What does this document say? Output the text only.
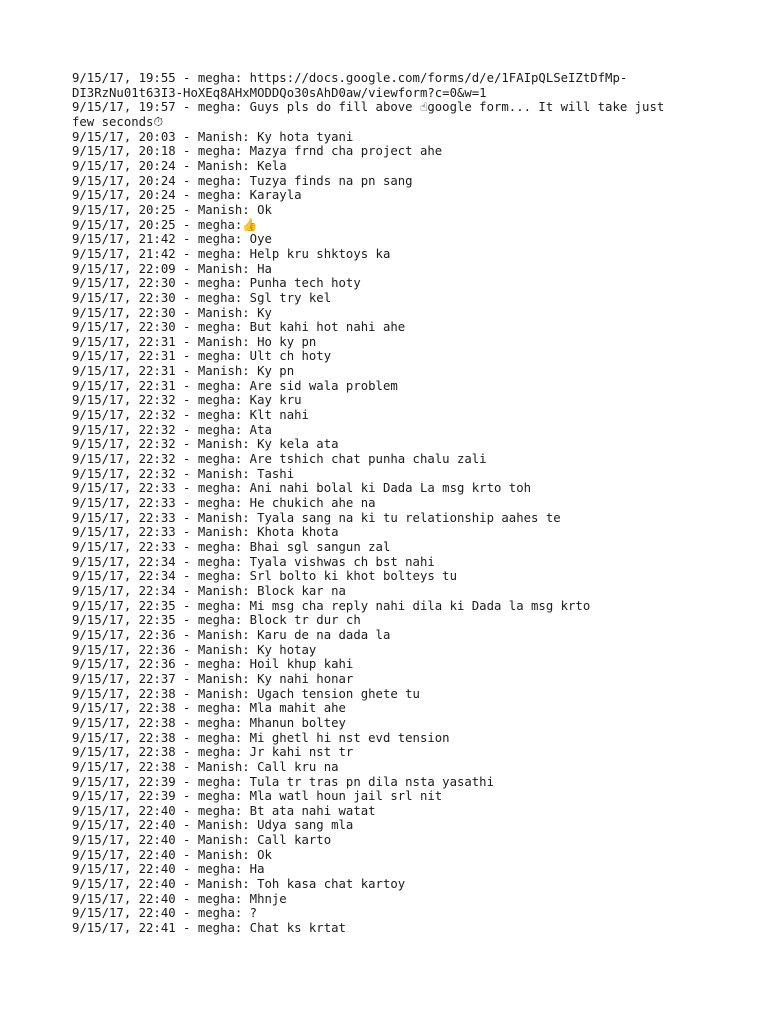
9/15/17, 19:55 - megha: https://docs.google.com/forms/d/e/1FAIpQLSeIZtDfMp-
DI3RzNu01t63I3-HoXEq8AHxMODDQo30sAhD0aw/viewform?c=0&w=1
9/15/17, 19:57 - megha: Guys pls do fill above ☝google form... It will take just
few seconds⏱
9/15/17, 20:03 - Manish: Ky hota tyani
9/15/17, 20:18 - megha: Mazya frnd cha project ahe
9/15/17, 20:24 - Manish: Kela
9/15/17, 20:24 - megha: Tuzya finds na pn sang
9/15/17, 20:24 - megha: Karayla
9/15/17, 20:25 - Manish: Ok
9/15/17, 20:25 - megha:👍
9/15/17, 21:42 - megha: Oye
9/15/17, 21:42 - megha: Help kru shktoys ka
9/15/17, 22:09 - Manish: Ha
9/15/17, 22:30 - megha: Punha tech hoty
9/15/17, 22:30 - megha: Sgl try kel
9/15/17, 22:30 - Manish: Ky
9/15/17, 22:30 - megha: But kahi hot nahi ahe
9/15/17, 22:31 - Manish: Ho ky pn
9/15/17, 22:31 - megha: Ult ch hoty
9/15/17, 22:31 - Manish: Ky pn
9/15/17, 22:31 - megha: Are sid wala problem
9/15/17, 22:32 - megha: Kay kru
9/15/17, 22:32 - megha: Klt nahi
9/15/17, 22:32 - megha: Ata
9/15/17, 22:32 - Manish: Ky kela ata
9/15/17, 22:32 - megha: Are tshich chat punha chalu zali
9/15/17, 22:32 - Manish: Tashi
9/15/17, 22:33 - megha: Ani nahi bolal ki Dada La msg krto toh
9/15/17, 22:33 - megha: He chukich ahe na
9/15/17, 22:33 - Manish: Tyala sang na ki tu relationship aahes te
9/15/17, 22:33 - Manish: Khota khota
9/15/17, 22:33 - megha: Bhai sgl sangun zal
9/15/17, 22:34 - megha: Tyala vishwas ch bst nahi
9/15/17, 22:34 - megha: Srl bolto ki khot bolteys tu
9/15/17, 22:34 - Manish: Block kar na
9/15/17, 22:35 - megha: Mi msg cha reply nahi dila ki Dada la msg krto
9/15/17, 22:35 - megha: Block tr dur ch
9/15/17, 22:36 - Manish: Karu de na dada la
9/15/17, 22:36 - Manish: Ky hotay
9/15/17, 22:36 - megha: Hoil khup kahi
9/15/17, 22:37 - Manish: Ky nahi honar
9/15/17, 22:38 - Manish: Ugach tension ghete tu
9/15/17, 22:38 - megha: Mla mahit ahe
9/15/17, 22:38 - megha: Mhanun boltey
9/15/17, 22:38 - megha: Mi ghetl hi nst evd tension
9/15/17, 22:38 - megha: Jr kahi nst tr
9/15/17, 22:38 - Manish: Call kru na
9/15/17, 22:39 - megha: Tula tr tras pn dila nsta yasathi
9/15/17, 22:39 - megha: Mla watl houn jail srl nit
9/15/17, 22:40 - megha: Bt ata nahi watat
9/15/17, 22:40 - Manish: Udya sang mla
9/15/17, 22:40 - Manish: Call karto
9/15/17, 22:40 - Manish: Ok
9/15/17, 22:40 - megha: Ha
9/15/17, 22:40 - Manish: Toh kasa chat kartoy
9/15/17, 22:40 - megha: Mhnje
9/15/17, 22:40 - megha: ?
9/15/17, 22:41 - megha: Chat ks krtat
